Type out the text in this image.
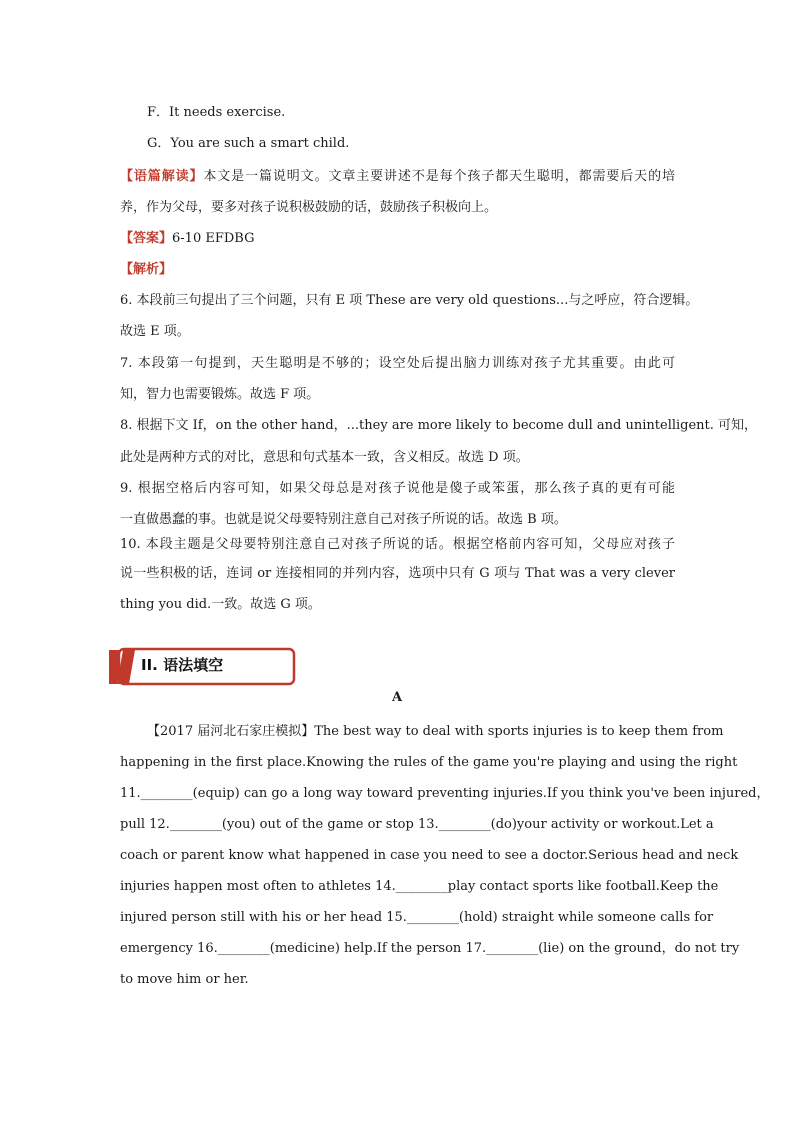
F．It needs exercise.
G．You are such a smart child.
【语篇解读】本文是一篇说明文。文章主要讲述不是每个孩子都天生聪明，都需要后天的培
养，作为父母，要多对孩子说积极鼓励的话，鼓励孩子积极向上。
【答案】6-10 EFDBG
【解析】
6. 本段前三句提出了三个问题，只有 E 项 These are very old questions...与之呼应，符合逻辑。
故选 E 项。
7. 本段第一句提到，天生聪明是不够的；设空处后提出脑力训练对孩子尤其重要。由此可
知，智力也需要锻炼。故选 F 项。
8. 根据下文 If，on the other hand，...they are more likely to become dull and unintelligent. 可知，
此处是两种方式的对比，意思和句式基本一致，含义相反。故选 D 项。
9. 根据空格后内容可知，如果父母总是对孩子说他是傻子或笨蛋，那么孩子真的更有可能
一直做愚蠢的事。也就是说父母要特别注意自己对孩子所说的话。故选 B 项。
10. 本段主题是父母要特别注意自己对孩子所说的话。根据空格前内容可知，父母应对孩子
说一些积极的话，连词 or 连接相同的并列内容，选项中只有 G 项与 That was a very clever
thing you did.一致。故选 G 项。
II. 语法填空
A
【2017 届河北石家庄模拟】The best way to deal with sports injuries is to keep them from
happening in the first place.Knowing the rules of the game you're playing and using the right
11.________(equip) can go a long way toward preventing injuries.If you think you've been injured，
pull 12.________(you) out of the game or stop 13.________(do)your activity or workout.Let a
coach or parent know what happened in case you need to see a doctor.Serious head and neck
injuries happen most often to athletes 14.________play contact sports like football.Keep the
injured person still with his or her head 15.________(hold) straight while someone calls for
emergency 16.________(medicine) help.If the person 17.________(lie) on the ground，do not try
to move him or her.
